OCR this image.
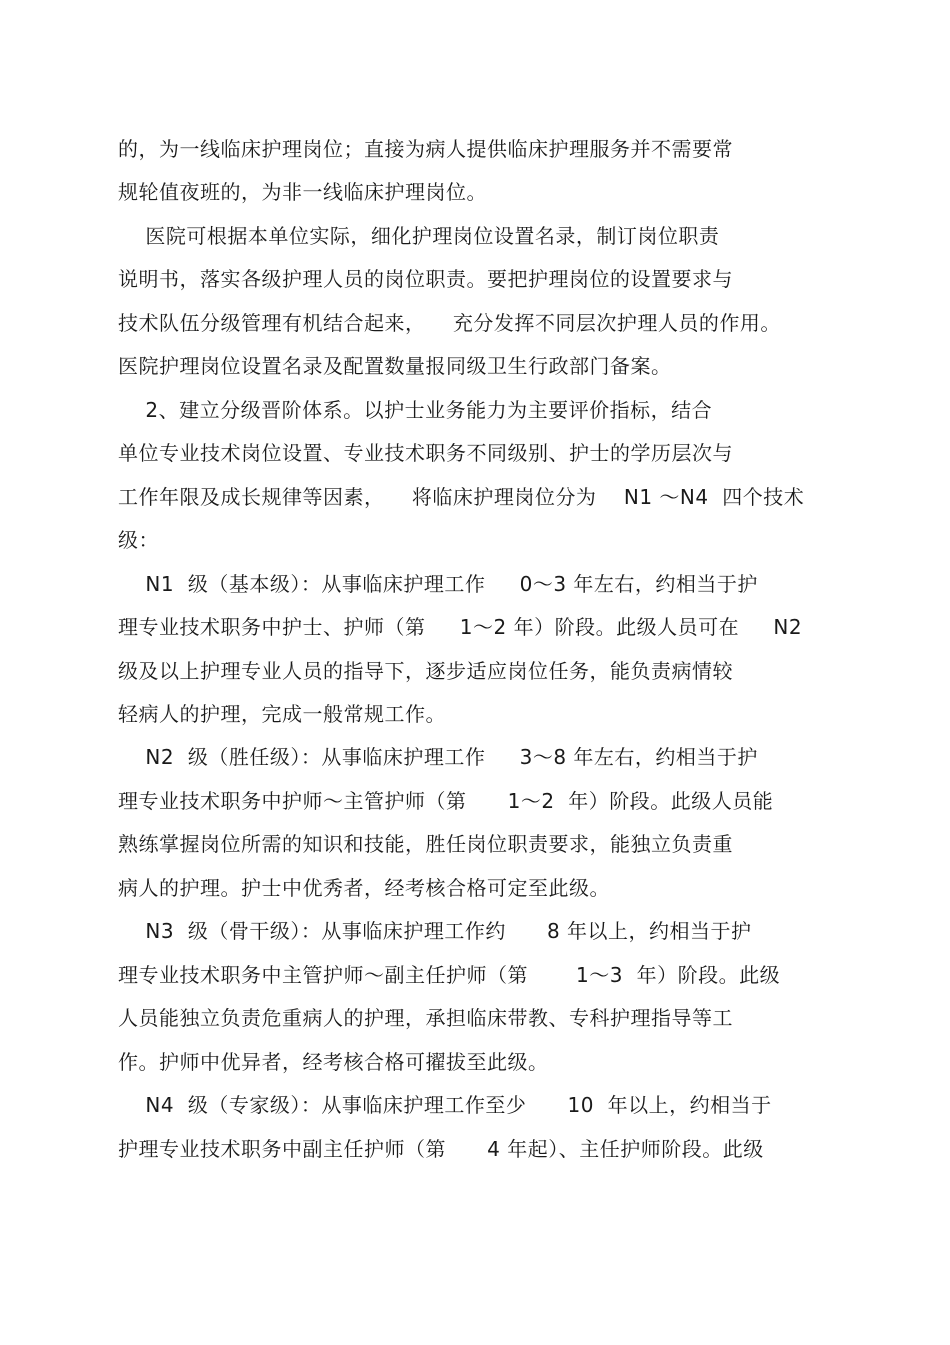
的，为一线临床护理岗位；直接为病人提供临床护理服务并不需要常
规轮值夜班的，为非一线临床护理岗位。
医院可根据本单位实际，细化护理岗位设置名录，制订岗位职责
说明书，落实各级护理人员的岗位职责。要把护理岗位的设置要求与
技术队伍分级管理有机结合起来，    充分发挥不同层次护理人员的作用。
医院护理岗位设置名录及配置数量报同级卫生行政部门备案。
2、建立分级晋阶体系。以护士业务能力为主要评价指标，结合
单位专业技术岗位设置、专业技术职务不同级别、护士的学历层次与
工作年限及成长规律等因素，    将临床护理岗位分为    N1 ～N4  四个技术
级：
N1  级（基本级）：从事临床护理工作     0～3 年左右，约相当于护
理专业技术职务中护士、护师（第     1～2 年）阶段。此级人员可在     N2
级及以上护理专业人员的指导下，逐步适应岗位任务，能负责病情较
轻病人的护理，完成一般常规工作。
N2  级（胜任级）：从事临床护理工作     3～8 年左右，约相当于护
理专业技术职务中护师～主管护师（第      1～2  年）阶段。此级人员能
熟练掌握岗位所需的知识和技能，胜任岗位职责要求，能独立负责重
病人的护理。护士中优秀者，经考核合格可定至此级。
N3  级（骨干级）：从事临床护理工作约      8 年以上，约相当于护
理专业技术职务中主管护师～副主任护师（第       1～3  年）阶段。此级
人员能独立负责危重病人的护理，承担临床带教、专科护理指导等工
作。护师中优异者，经考核合格可擢拔至此级。
N4  级（专家级）：从事临床护理工作至少      10  年以上，约相当于
护理专业技术职务中副主任护师（第      4 年起）、主任护师阶段。此级
